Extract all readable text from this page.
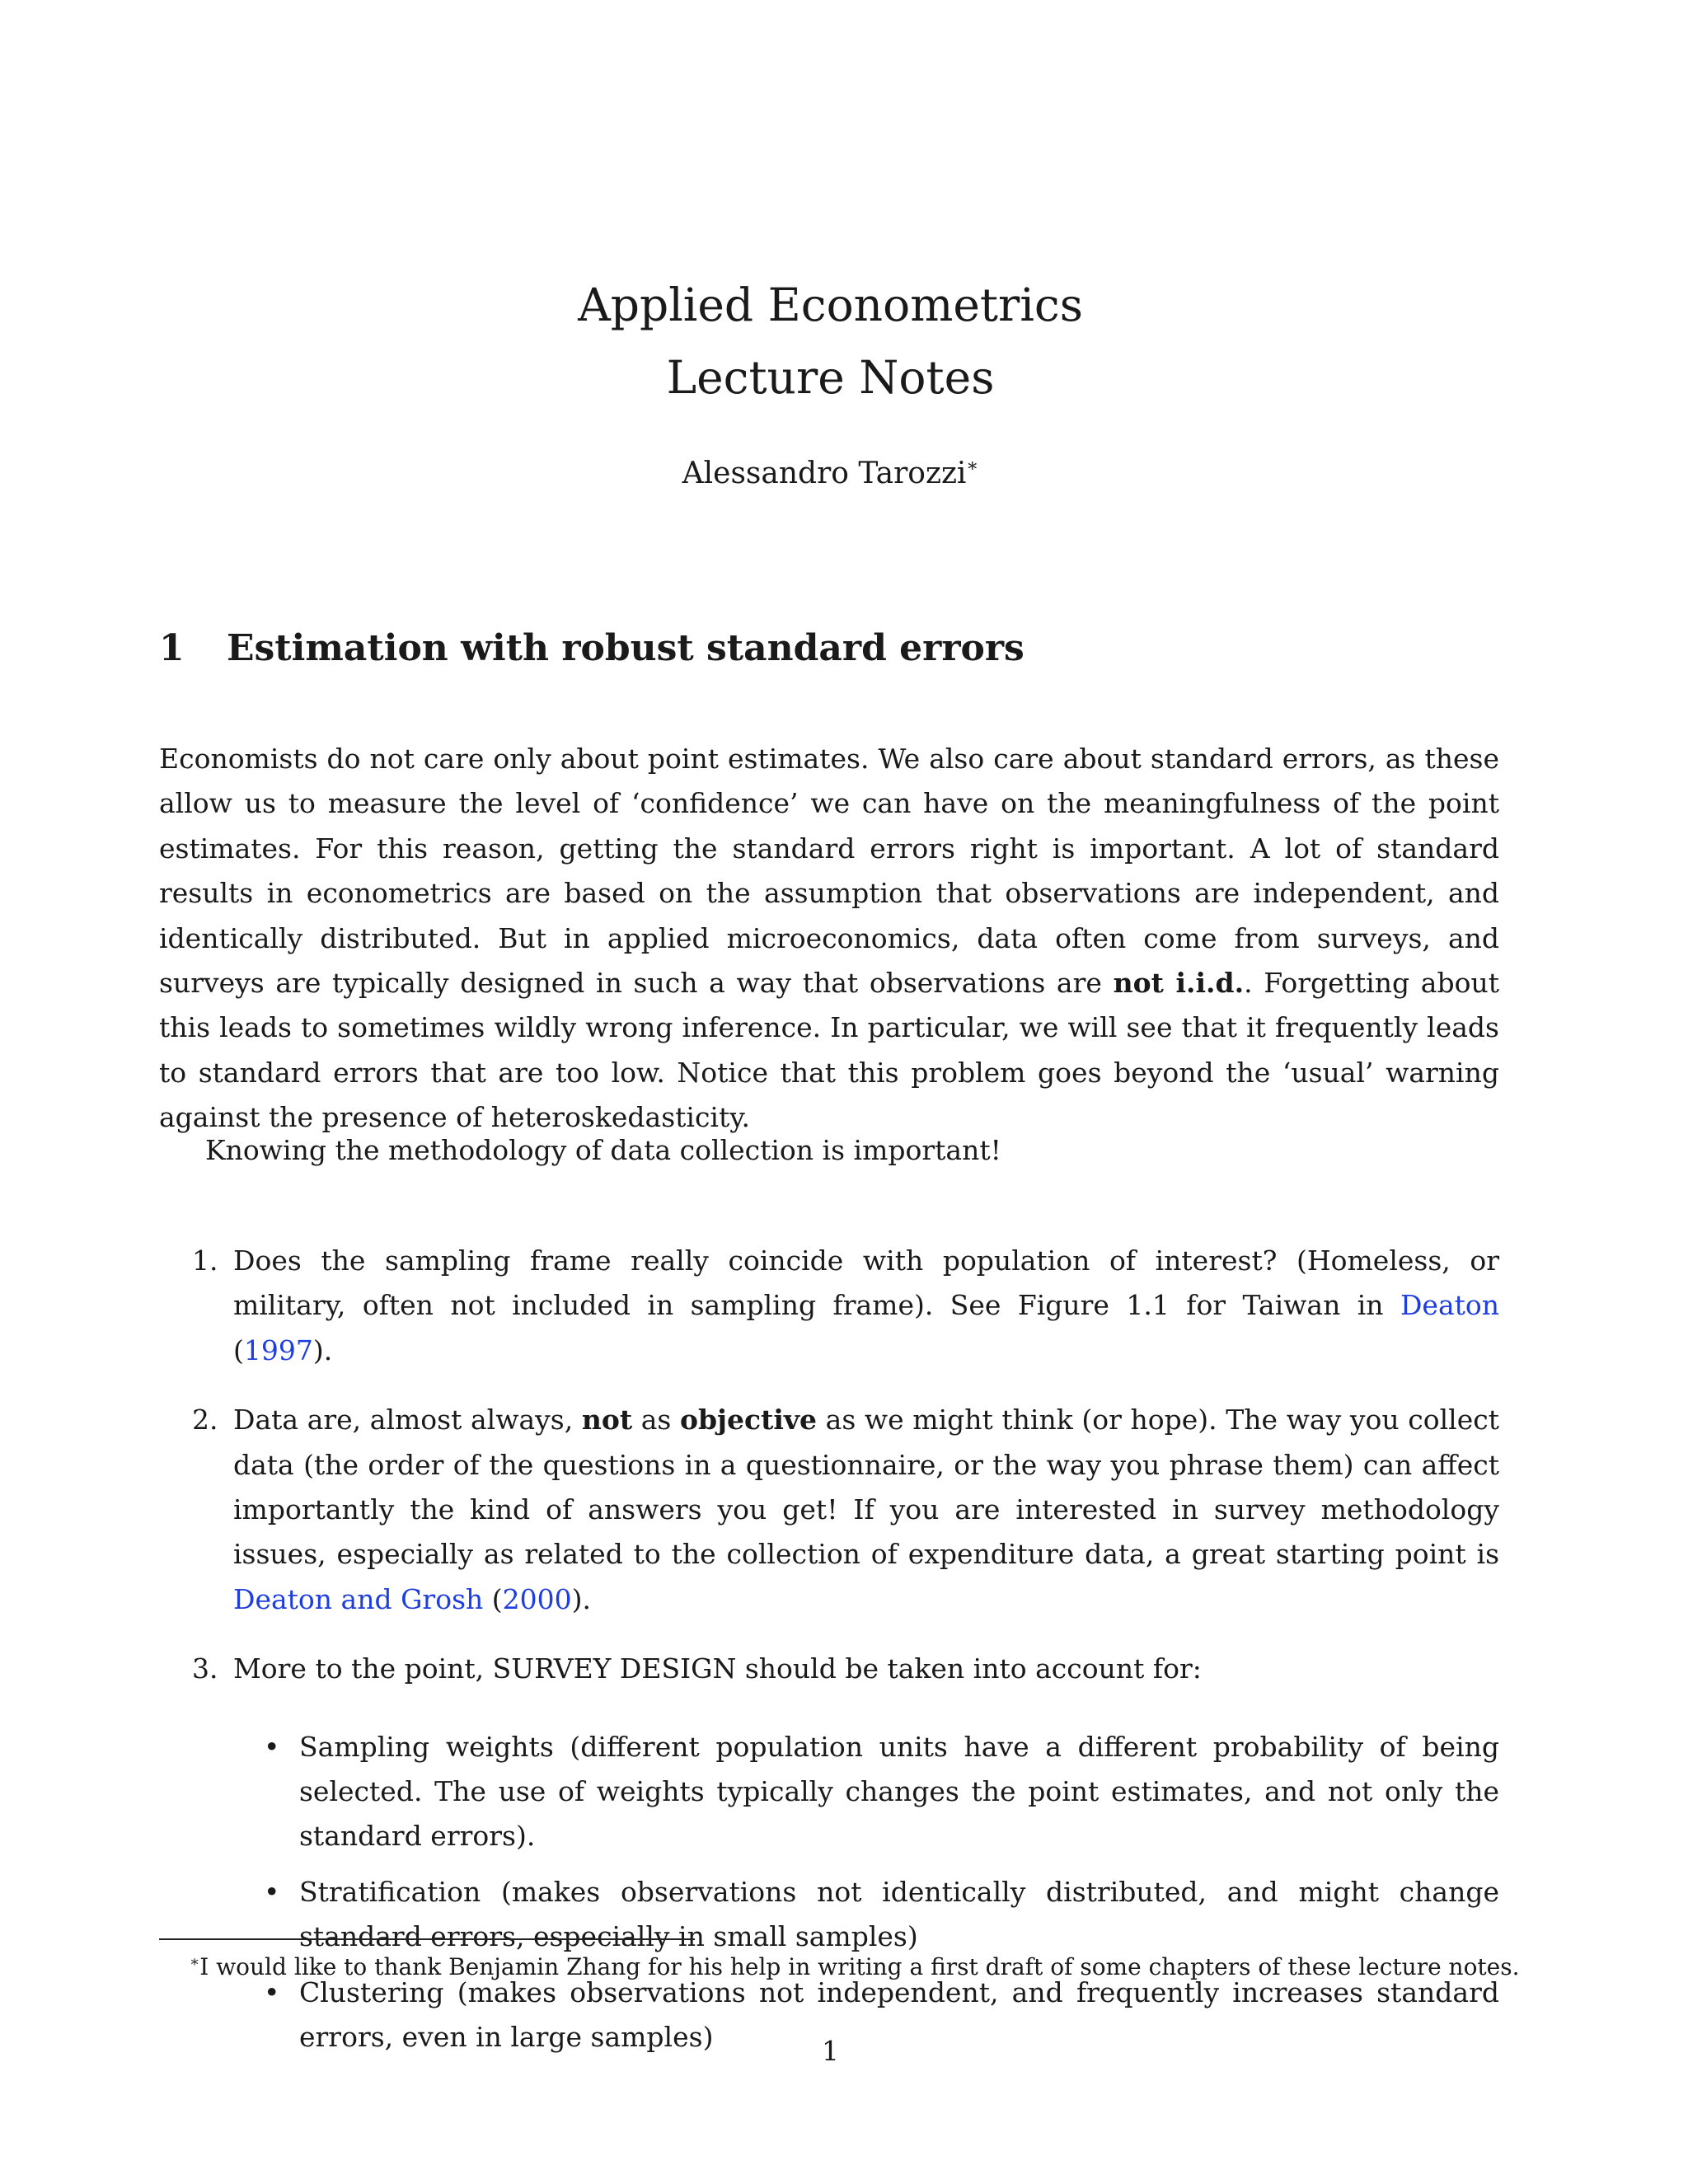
Applied Econometrics

Lecture Notes

Alessandro Tarozzi∗
1 Estimation with robust standard errors
Economists do not care only about point estimates. We also care about standard errors, as these allow us to measure the level of ‘confidence’ we can have on the meaningfulness of the point estimates. For this reason, getting the standard errors right is important. A lot of standard results in econometrics are based on the assumption that observations are independent, and identically distributed. But in applied microeconomics, data often come from surveys, and surveys are typically designed in such a way that observations are not i.i.d.. Forgetting about this leads to sometimes wildly wrong inference. In particular, we will see that it frequently leads to standard errors that are too low. Notice that this problem goes beyond the ‘usual’ warning against the presence of heteroskedasticity.
Knowing the methodology of data collection is important!
1. Does the sampling frame really coincide with population of interest? (Homeless, or military, often not included in sampling frame). See Figure 1.1 for Taiwan in Deaton (1997).
2. Data are, almost always, not as objective as we might think (or hope). The way you collect data (the order of the questions in a questionnaire, or the way you phrase them) can affect importantly the kind of answers you get! If you are interested in survey methodology issues, especially as related to the collection of expenditure data, a great starting point is Deaton and Grosh (2000).
3. More to the point, SURVEY DESIGN should be taken into account for:
• Sampling weights (different population units have a different probability of being selected. The use of weights typically changes the point estimates, and not only the standard errors).
• Stratification (makes observations not identically distributed, and might change standard errors, especially in small samples)
• Clustering (makes observations not independent, and frequently increases standard errors, even in large samples)
∗I would like to thank Benjamin Zhang for his help in writing a first draft of some chapters of these lecture notes.
1
